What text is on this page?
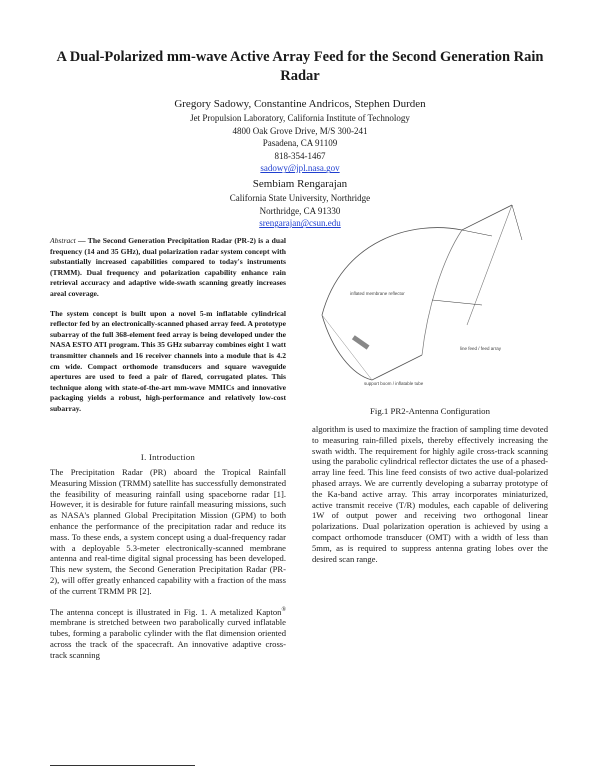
A Dual-Polarized mm-wave Active Array Feed for the Second Generation Rain Radar
Gregory Sadowy, Constantine Andricos, Stephen Durden
Jet Propulsion Laboratory, California Institute of Technology
4800 Oak Grove Drive, M/S 300-241
Pasadena, CA 91109
818-354-1467
sadowy@jpl.nasa.gov
Sembiam Rengarajan
California State University, Northridge
Northridge, CA 91330
srengarajan@csun.edu

Abstract — The Second Generation Precipitation Radar (PR-2) is a dual frequency (14 and 35 GHz), dual polarization radar system concept with substantially increased capabilities compared to today's instruments (TRMM). Dual frequency and polarization capability enhance rain retrieval accuracy and adaptive wide-swath scanning greatly increases areal coverage.

The system concept is built upon a novel 5-m inflatable cylindrical reflector fed by an electronically-scanned phased array feed. A prototype subarray of the full 368-element feed array is being developed under the NASA ESTO ATI program. This 35 GHz subarray combines eight 1 watt transmitter channels and 16 receiver channels into a module that is 4.2 cm wide. Compact orthomode transducers and square waveguide apertures are used to feed a pair of flared, corrugated plates. This technique along with state-of-the-art mm-wave MMICs and innovative packaging yields a robust, high-performance and relatively low-cost subarray.

inflated membrane reflector
line feed / feed array
support boom / inflatable tube
Fig.1 PR2-Antenna Configuration
I. Introduction

The Precipitation Radar (PR) aboard the Tropical Rainfall Measuring Mission (TRMM) satellite has successfully demonstrated the feasibility of measuring rainfall using spaceborne radar [1]. However, it is desirable for future rainfall measuring missions, such as NASA's planned Global Precipitation Mission (GPM) to both enhance the performance of the precipitation radar and reduce its mass. To these ends, a system concept using a dual-frequency radar with a deployable 5.3-meter electronically-scanned membrane antenna and real-time digital signal processing has been developed. This new system, the Second Generation Precipitation Radar (PR-2), will offer greatly enhanced capability with a fraction of the mass of the current TRMM PR [2].

The antenna concept is illustrated in Fig. 1. A metalized Kapton® membrane is stretched between two parabolically curved inflatable tubes, forming a parabolic cylinder with the flat dimension oriented across the track of the spacecraft. An innovative adaptive cross-track scanning

algorithm is used to maximize the fraction of sampling time devoted to measuring rain-filled pixels, thereby effectively increasing the swath width. The requirement for highly agile cross-track scanning using the parabolic cylindrical reflector dictates the use of a phased-array line feed. This line feed consists of two active dual-polarized phased arrays. We are currently developing a subarray prototype of the Ka-band active array. This array incorporates miniaturized, active transmit receive (T/R) modules, each capable of delivering 1W of output power and receiving two orthogonal linear polarizations. Dual polarization operation is achieved by using a compact orthomode transducer (OMT) with a width of less than 5mm, as is required to suppress antenna grating lobes over the desired scan range.
